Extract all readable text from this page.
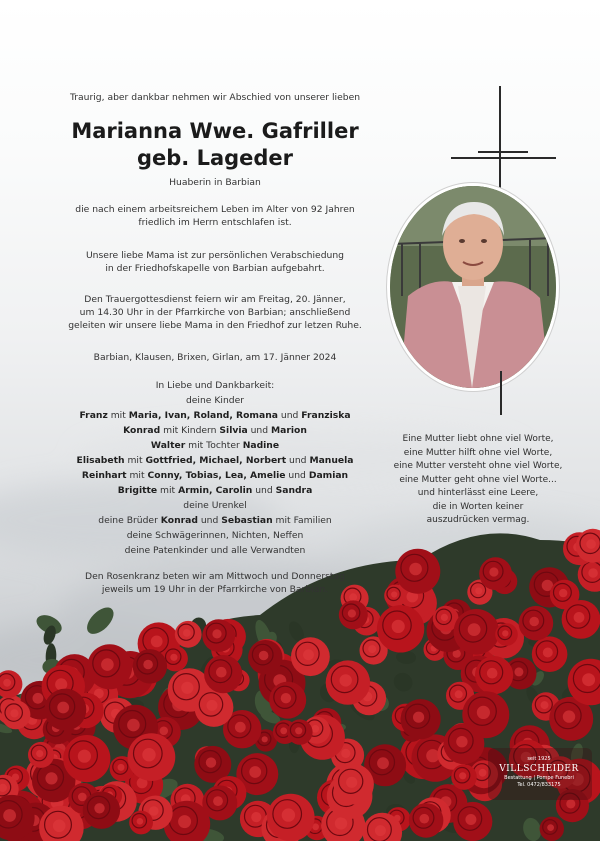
Traurig, aber dankbar nehmen wir Abschied von unserer lieben
Marianna Wwe. Gafriller
geb. Lageder
Huaberin in Barbian
die nach einem arbeitsreichem Leben im Alter von 92 Jahren
friedlich im Herrn entschlafen ist.
Unsere liebe Mama ist zur persönlichen Verabschiedung
in der Friedhofskapelle von Barbian aufgebahrt.
Den Trauergottesdienst feiern wir am Freitag, 20. Jänner,
um 14.30 Uhr in der Pfarrkirche von Barbian; anschließend
geleiten wir unsere liebe Mama in den Friedhof zur letzen Ruhe.
Barbian, Klausen, Brixen, Girlan, am 17. Jänner 2024
In Liebe und Dankbarkeit:
deine Kinder
Franz mit Maria, Ivan, Roland, Romana und Franziska
Konrad mit Kindern Silvia und Marion
Walter mit Tochter Nadine
Elisabeth mit Gottfried, Michael, Norbert und Manuela
Reinhart mit Conny, Tobias, Lea, Amelie und Damian
Brigitte mit Armin, Carolin und Sandra
deine Urenkel
deine Brüder Konrad und Sebastian mit Familien
deine Schwägerinnen, Nichten, Neffen
deine Patenkinder und alle Verwandten
Den Rosenkranz beten wir am Mittwoch und Donnerstag
jeweils um 19 Uhr in der Pfarrkirche von Barbian.
Eine Mutter liebt ohne viel Worte,
eine Mutter hilft ohne viel Worte,
eine Mutter versteht ohne viel Worte,
eine Mutter geht ohne viel Worte...
und hinterlässt eine Leere,
die in Worten keiner
auszudrücken vermag.
seit 1925
VILLSCHEIDER
Bestattung | Pompe Funebri
Tel. 0472/833175
